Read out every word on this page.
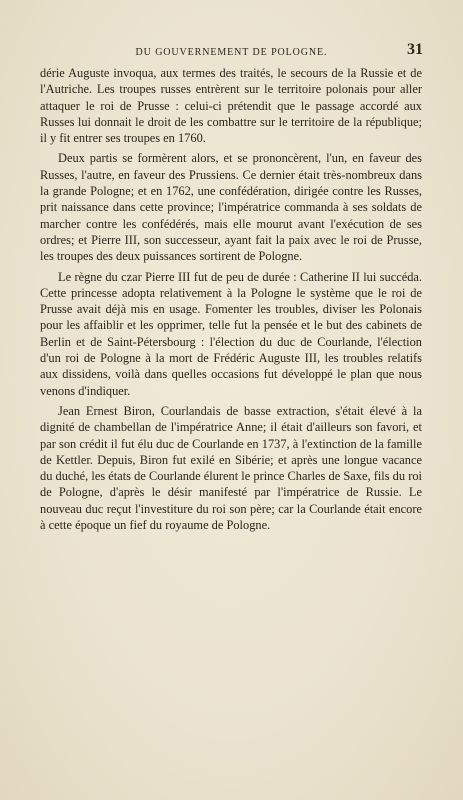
DU GOUVERNEMENT DE POLOGNE.	31

dérie Auguste invoqua, aux termes des traités, le secours de la Russie et de l'Autriche. Les troupes russes entrèrent sur le territoire polonais pour aller attaquer le roi de Prusse : celui-ci prétendit que le passage accordé aux Russes lui donnait le droit de les combattre sur le territoire de la république; il y fit entrer ses troupes en 1760.

Deux partis se formèrent alors, et se prononcèrent, l'un, en faveur des Russes, l'autre, en faveur des Prussiens. Ce dernier était très-nombreux dans la grande Pologne; et en 1762, une confédération, dirigée contre les Russes, prit naissance dans cette province; l'impératrice commanda à ses soldats de marcher contre les confédérés, mais elle mourut avant l'exécution de ses ordres; et Pierre III, son successeur, ayant fait la paix avec le roi de Prusse, les troupes des deux puissances sortirent de Pologne.

Le règne du czar Pierre III fut de peu de durée : Catherine II lui succéda. Cette princesse adopta relativement à la Pologne le système que le roi de Prusse avait déjà mis en usage. Fomenter les troubles, diviser les Polonais pour les affaiblir et les opprimer, telle fut la pensée et le but des cabinets de Berlin et de Saint-Pétersbourg : l'élection du duc de Courlande, l'élection d'un roi de Pologne à la mort de Frédéric Auguste III, les troubles relatifs aux dissidens, voilà dans quelles occasions fut développé le plan que nous venons d'indiquer.

Jean Ernest Biron, Courlandais de basse extraction, s'était élevé à la dignité de chambellan de l'impératrice Anne; il était d'ailleurs son favori, et par son crédit il fut élu duc de Courlande en 1737, à l'extinction de la famille de Kettler. Depuis, Biron fut exilé en Sibérie; et après une longue vacance du duché, les états de Courlande élurent le prince Charles de Saxe, fils du roi de Pologne, d'après le désir manifesté par l'impératrice de Russie. Le nouveau duc reçut l'investiture du roi son père; car la Courlande était encore à cette époque un fief du royaume de Pologne.
